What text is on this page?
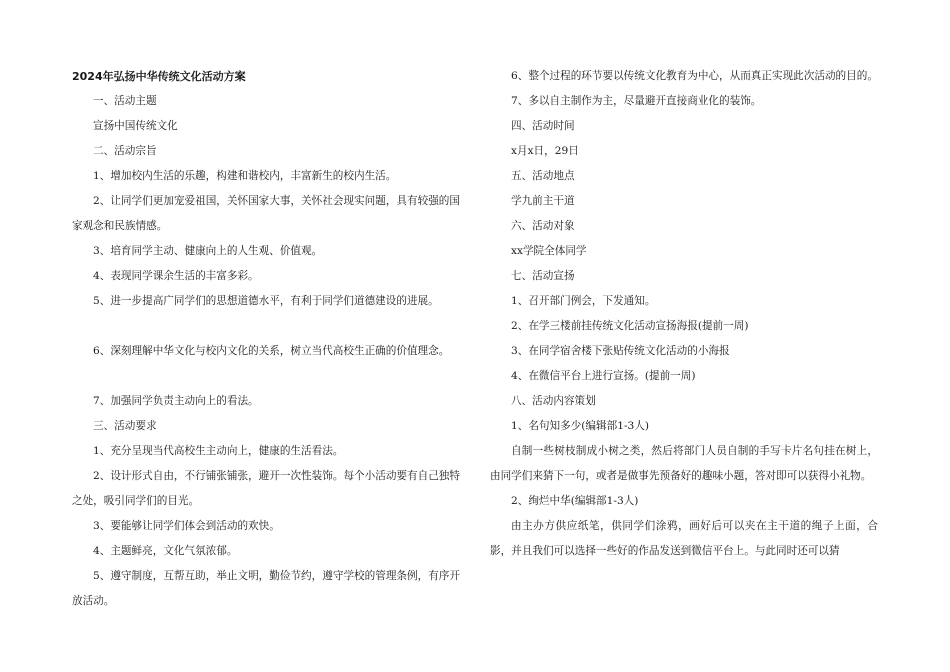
2024年弘扬中华传统文化活动方案

一、活动主题

宣扬中国传统文化

二、活动宗旨

1、增加校内生活的乐趣，构建和谐校内，丰富新生的校内生活。

2、让同学们更加宠爱祖国，关怀国家大事，关怀社会现实问题，具有较强的国家观念和民族情感。

3、培育同学主动、健康向上的人生观、价值观。

4、表现同学课余生活的丰富多彩。

5、进一步提高广同学们的思想道德水平，有利于同学们道德建设的进展。

6、深刻理解中华文化与校内文化的关系，树立当代高校生正确的价值理念。

7、加强同学负责主动向上的看法。

三、活动要求

1、充分呈现当代高校生主动向上，健康的生活看法。

2、设计形式自由，不行铺张铺张，避开一次性装饰。每个小活动要有自己独特之处，吸引同学们的目光。

3、要能够让同学们体会到活动的欢快。

4、主题鲜亮，文化气氛浓郁。

5、遵守制度，互帮互助，举止文明，勤俭节约，遵守学校的管理条例，有序开放活动。

6、整个过程的环节要以传统文化教育为中心，从而真正实现此次活动的目的。

7、多以自主制作为主，尽量避开直接商业化的装饰。

四、活动时间

x月x日，29日

五、活动地点

学九前主干道

六、活动对象

xx学院全体同学

七、活动宣扬

1、召开部门例会，下发通知。

2、在学三楼前挂传统文化活动宣扬海报(提前一周)

3、在同学宿舍楼下张贴传统文化活动的小海报

4、在微信平台上进行宣扬。(提前一周)

八、活动内容策划

1、名句知多少(编辑部1-3人)

自制一些树枝制成小树之类，然后将部门人员自制的手写卡片名句挂在树上，由同学们来猜下一句，或者是做事先预备好的趣味小题，答对即可以获得小礼物。

2、绚烂中华(编辑部1-3人)

由主办方供应纸笔，供同学们涂鸦，画好后可以夹在主干道的绳子上面，合影，并且我们可以选择一些好的作品发送到微信平台上。与此同时还可以猜
